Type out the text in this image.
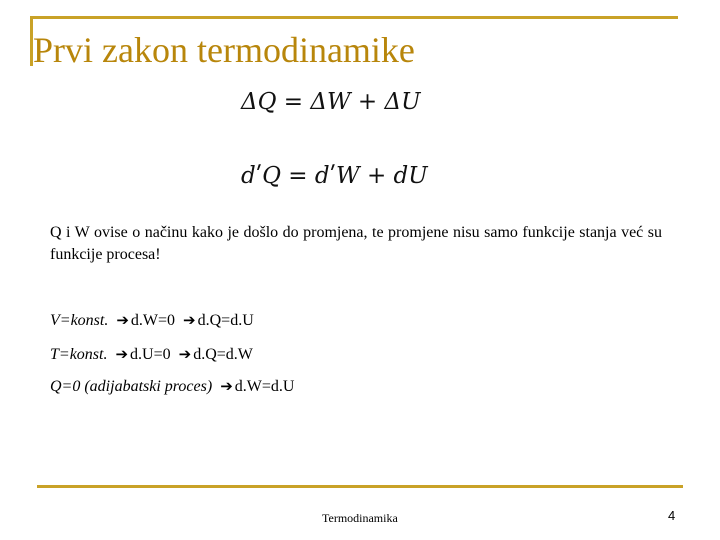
Prvi zakon termodinamike
ΔQ = ΔW + ΔU
dʹQ = dʹW + dU
Q i W ovise o načinu kako je došlo do promjena, te promjene nisu samo funkcije stanja već su funkcije procesa!
V=konst. ➔ d.W=0 ➔ d.Q=d.U
T=konst. ➔ d.U=0 ➔ d.Q=d.W
Q=0 (adijabatski proces) ➔ d.W=d.U
Termodinamika	4
